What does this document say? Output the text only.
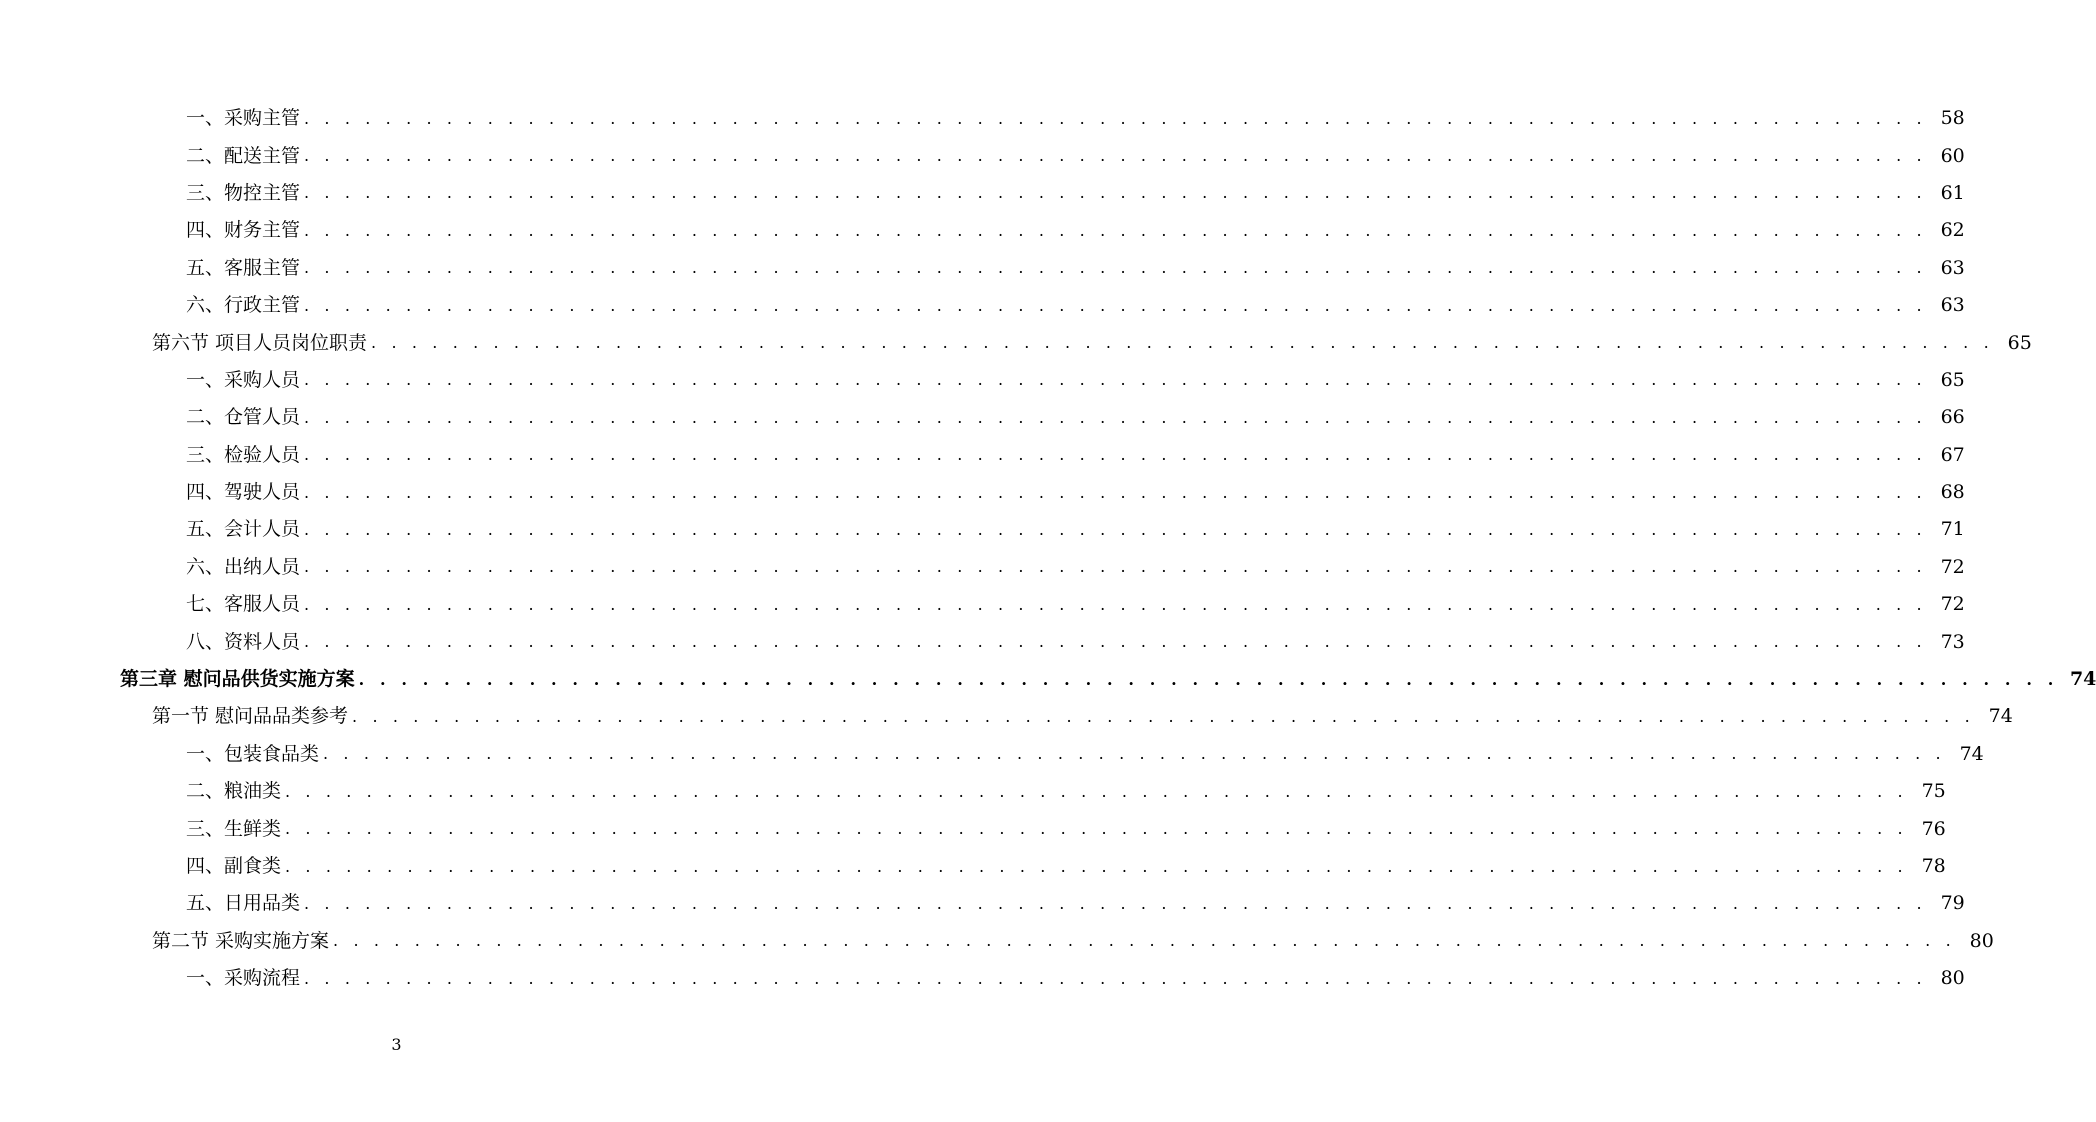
一、采购主管 . . . . . . . . . . . . . . . . . . . . . . . . . . . . . . . . . . . . . . . . . . . . . . . . . . . . . . . . . . . . . . . . . . . . . . . . . . . . . . . . 58
二、配送主管 . . . . . . . . . . . . . . . . . . . . . . . . . . . . . . . . . . . . . . . . . . . . . . . . . . . . . . . . . . . . . . . . . . . . . . . . . . . . . . . . 60
三、物控主管 . . . . . . . . . . . . . . . . . . . . . . . . . . . . . . . . . . . . . . . . . . . . . . . . . . . . . . . . . . . . . . . . . . . . . . . . . . . . . . . . 61
四、财务主管 . . . . . . . . . . . . . . . . . . . . . . . . . . . . . . . . . . . . . . . . . . . . . . . . . . . . . . . . . . . . . . . . . . . . . . . . . . . . . . . . 62
五、客服主管 . . . . . . . . . . . . . . . . . . . . . . . . . . . . . . . . . . . . . . . . . . . . . . . . . . . . . . . . . . . . . . . . . . . . . . . . . . . . . . . . 63
六、行政主管 . . . . . . . . . . . . . . . . . . . . . . . . . . . . . . . . . . . . . . . . . . . . . . . . . . . . . . . . . . . . . . . . . . . . . . . . . . . . . . . . 63
第六节 项目人员岗位职责 . . . . . . . . . . . . . . . . . . . . . . . . . . . . . . . . . . . . . . . . . . . . . . . . . . . . . . . . . . . . . . . . . . . . . . . . . . . . . . . . 65
一、采购人员 . . . . . . . . . . . . . . . . . . . . . . . . . . . . . . . . . . . . . . . . . . . . . . . . . . . . . . . . . . . . . . . . . . . . . . . . . . . . . . . . 65
二、仓管人员 . . . . . . . . . . . . . . . . . . . . . . . . . . . . . . . . . . . . . . . . . . . . . . . . . . . . . . . . . . . . . . . . . . . . . . . . . . . . . . . . 66
三、检验人员 . . . . . . . . . . . . . . . . . . . . . . . . . . . . . . . . . . . . . . . . . . . . . . . . . . . . . . . . . . . . . . . . . . . . . . . . . . . . . . . . 67
四、驾驶人员 . . . . . . . . . . . . . . . . . . . . . . . . . . . . . . . . . . . . . . . . . . . . . . . . . . . . . . . . . . . . . . . . . . . . . . . . . . . . . . . . 68
五、会计人员 . . . . . . . . . . . . . . . . . . . . . . . . . . . . . . . . . . . . . . . . . . . . . . . . . . . . . . . . . . . . . . . . . . . . . . . . . . . . . . . . 71
六、出纳人员 . . . . . . . . . . . . . . . . . . . . . . . . . . . . . . . . . . . . . . . . . . . . . . . . . . . . . . . . . . . . . . . . . . . . . . . . . . . . . . . . 72
七、客服人员 . . . . . . . . . . . . . . . . . . . . . . . . . . . . . . . . . . . . . . . . . . . . . . . . . . . . . . . . . . . . . . . . . . . . . . . . . . . . . . . . 72
八、资料人员 . . . . . . . . . . . . . . . . . . . . . . . . . . . . . . . . . . . . . . . . . . . . . . . . . . . . . . . . . . . . . . . . . . . . . . . . . . . . . . . . 73
第三章 慰问品供货实施方案 . . . . . . . . . . . . . . . . . . . . . . . . . . . . . . . . . . . . . . . . . . . . . . . . . . . . . . . . . . . . . . . . . . . . . . . . . . . . . . . . 74
第一节 慰问品品类参考 . . . . . . . . . . . . . . . . . . . . . . . . . . . . . . . . . . . . . . . . . . . . . . . . . . . . . . . . . . . . . . . . . . . . . . . . . . . . . . . . 74
一、包装食品类 . . . . . . . . . . . . . . . . . . . . . . . . . . . . . . . . . . . . . . . . . . . . . . . . . . . . . . . . . . . . . . . . . . . . . . . . . . . . . . . . 74
二、粮油类 . . . . . . . . . . . . . . . . . . . . . . . . . . . . . . . . . . . . . . . . . . . . . . . . . . . . . . . . . . . . . . . . . . . . . . . . . . . . . . . . 75
三、生鲜类 . . . . . . . . . . . . . . . . . . . . . . . . . . . . . . . . . . . . . . . . . . . . . . . . . . . . . . . . . . . . . . . . . . . . . . . . . . . . . . . . 76
四、副食类 . . . . . . . . . . . . . . . . . . . . . . . . . . . . . . . . . . . . . . . . . . . . . . . . . . . . . . . . . . . . . . . . . . . . . . . . . . . . . . . . 78
五、日用品类 . . . . . . . . . . . . . . . . . . . . . . . . . . . . . . . . . . . . . . . . . . . . . . . . . . . . . . . . . . . . . . . . . . . . . . . . . . . . . . . . 79
第二节 采购实施方案 . . . . . . . . . . . . . . . . . . . . . . . . . . . . . . . . . . . . . . . . . . . . . . . . . . . . . . . . . . . . . . . . . . . . . . . . . . . . . . . . 80
一、采购流程 . . . . . . . . . . . . . . . . . . . . . . . . . . . . . . . . . . . . . . . . . . . . . . . . . . . . . . . . . . . . . . . . . . . . . . . . . . . . . . . . 80
3
